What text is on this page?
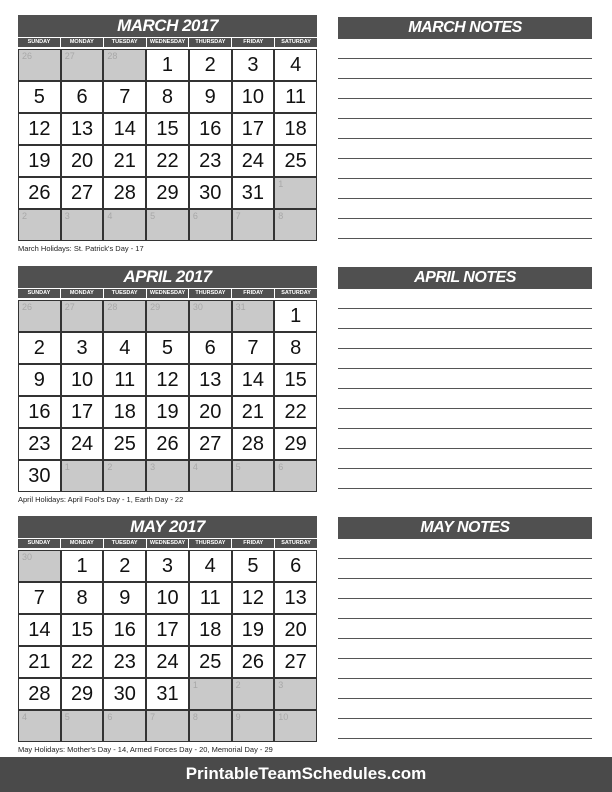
MARCH 2017
SUNDAY	MONDAY	TUESDAY	WEDNESDAY	THURSDAY	FRIDAY	SATURDAY
26	27	28	1	2	3	4
5	6	7	8	9	10	11
12	13	14	15	16	17	18
19	20	21	22	23	24	25
26	27	28	29	30	31	1
2	3	4	5	6	7	8
March Holidays: St. Patrick's Day - 17
APRIL 2017
SUNDAY	MONDAY	TUESDAY	WEDNESDAY	THURSDAY	FRIDAY	SATURDAY
26	27	28	29	30	31	1
2	3	4	5	6	7	8
9	10	11	12	13	14	15
16	17	18	19	20	21	22
23	24	25	26	27	28	29
30	1	2	3	4	5	6
April Holidays: April Fool's Day - 1, Earth Day - 22
MAY 2017
SUNDAY	MONDAY	TUESDAY	WEDNESDAY	THURSDAY	FRIDAY	SATURDAY
30	1	2	3	4	5	6
7	8	9	10	11	12	13
14	15	16	17	18	19	20
21	22	23	24	25	26	27
28	29	30	31	1	2	3
4	5	6	7	8	9	10
May Holidays: Mother's Day - 14, Armed Forces Day - 20, Memorial Day - 29
MARCH NOTES
APRIL NOTES
MAY NOTES
PrintableTeamSchedules.com
